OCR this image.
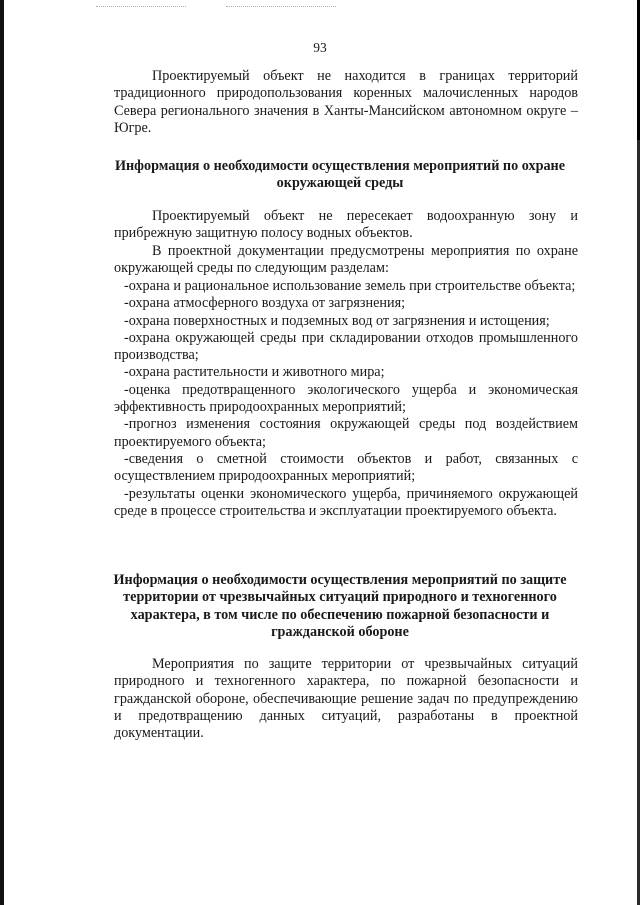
93

Проектируемый объект не находится в границах территорий традиционного природопользования коренных малочисленных народов Севера регионального значения в Ханты-Мансийском автономном округе – Югре.

Информация о необходимости осуществления мероприятий по охране окружающей среды

Проектируемый объект не пересекает водоохранную зону и прибрежную защитную полосу водных объектов.

В проектной документации предусмотрены мероприятия по охране окружающей среды по следующим разделам:

-охрана и рациональное использование земель при строительстве объекта;
-охрана атмосферного воздуха от загрязнения;
-охрана поверхностных и подземных вод от загрязнения и истощения;
-охрана окружающей среды при складировании отходов промышленного производства;
-охрана растительности и животного мира;
-оценка предотвращенного экологического ущерба и экономическая эффективность природоохранных мероприятий;
-прогноз изменения состояния окружающей среды под воздействием проектируемого объекта;
-сведения о сметной стоимости объектов и работ, связанных с осуществлением природоохранных мероприятий;
-результаты оценки экономического ущерба, причиняемого окружающей среде в процессе строительства и эксплуатации проектируемого объекта.

Информация о необходимости осуществления мероприятий по защите территории от чрезвычайных ситуаций природного и техногенного характера, в том числе по обеспечению пожарной безопасности и гражданской обороне

Мероприятия по защите территории от чрезвычайных ситуаций природного и техногенного характера, по пожарной безопасности и гражданской обороне, обеспечивающие решение задач по предупреждению и предотвращению данных ситуаций, разработаны в проектной документации.
